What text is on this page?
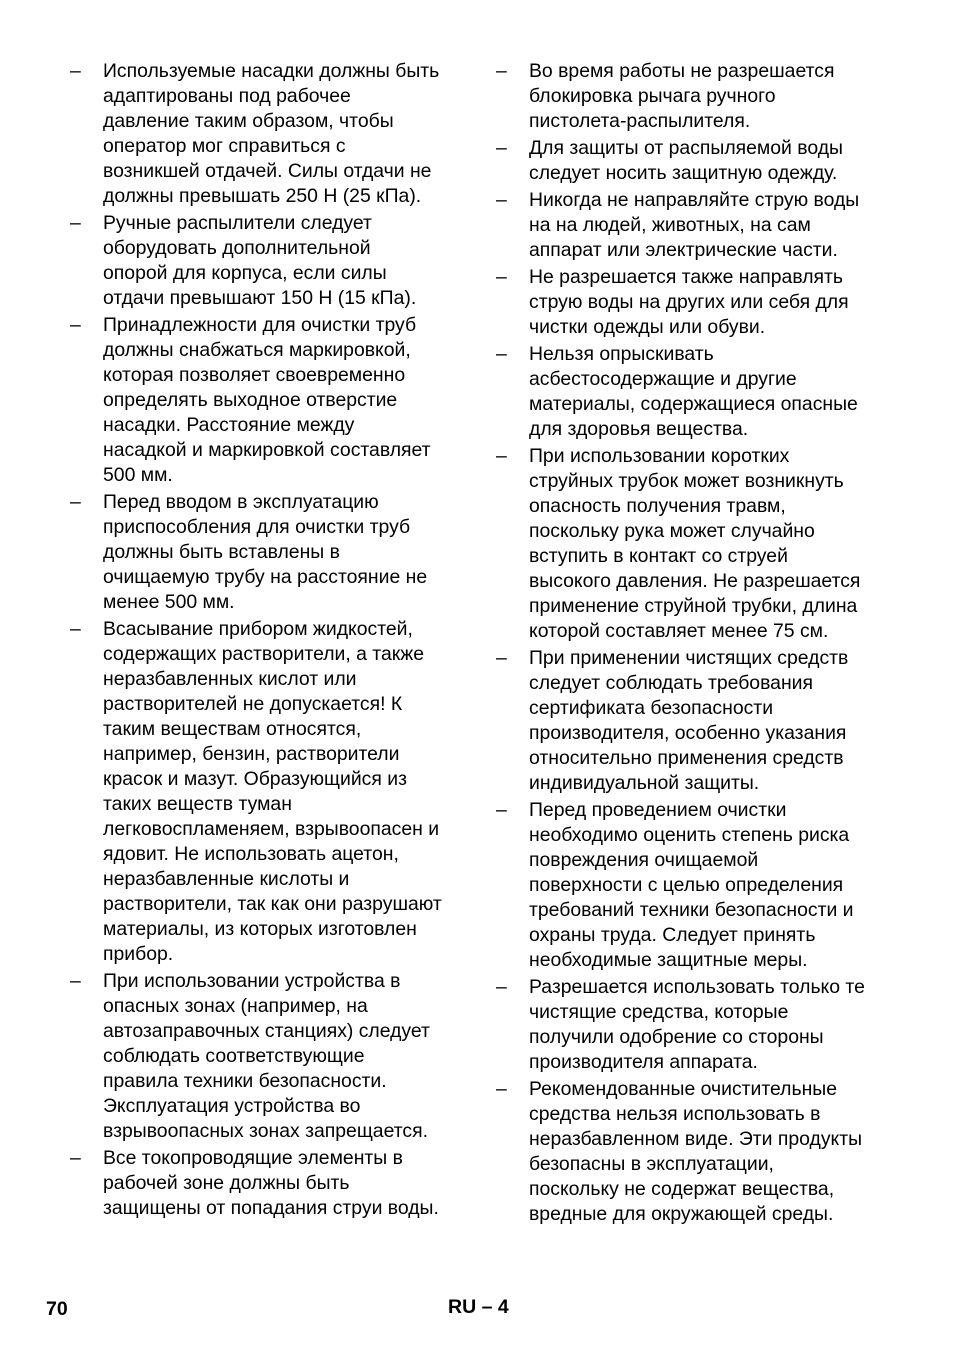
–	Используемые насадки должны быть
адаптированы под рабочее
давление таким образом, чтобы
оператор мог справиться с
возникшей отдачей. Силы отдачи не
должны превышать 250 Н (25 кПа).
–	Ручные распылители следует
оборудовать дополнительной
опорой для корпуса, если силы
отдачи превышают 150 Н (15 кПа).
–	Принадлежности для очистки труб
должны снабжаться маркировкой,
которая позволяет своевременно
определять выходное отверстие
насадки. Расстояние между
насадкой и маркировкой составляет
500 мм.
–	Перед вводом в эксплуатацию
приспособления для очистки труб
должны быть вставлены в
очищаемую трубу на расстояние не
менее 500 мм.
–	Всасывание прибором жидкостей,
содержащих растворители, а также
неразбавленных кислот или
растворителей не допускается! К
таким веществам относятся,
например, бензин, растворители
красок и мазут. Образующийся из
таких веществ туман
легковоспламеняем, взрывоопасен и
ядовит. Не использовать ацетон,
неразбавленные кислоты и
растворители, так как они разрушают
материалы, из которых изготовлен
прибор.
–	При использовании устройства в
опасных зонах (например, на
автозаправочных станциях) следует
соблюдать соответствующие
правила техники безопасности.
Эксплуатация устройства во
взрывоопасных зонах запрещается.
–	Все токопроводящие элементы в
рабочей зоне должны быть
защищены от попадания струи воды.
–	Во время работы не разрешается
блокировка рычага ручного
пистолета-распылителя.
–	Для защиты от распыляемой воды
следует носить защитную одежду.
–	Никогда не направляйте струю воды
на на людей, животных, на сам
аппарат или электрические части.
–	Не разрешается также направлять
струю воды на других или себя для
чистки одежды или обуви.
–	Нельзя опрыскивать
асбестосодержащие и другие
материалы, содержащиеся опасные
для здоровья вещества.
–	При использовании коротких
струйных трубок может возникнуть
опасность получения травм,
поскольку рука может случайно
вступить в контакт со струей
высокого давления. Не разрешается
применение струйной трубки, длина
которой составляет менее 75 см.
–	При применении чистящих средств
следует соблюдать требования
сертификата безопасности
производителя, особенно указания
относительно применения средств
индивидуальной защиты.
–	Перед проведением очистки
необходимо оценить степень риска
повреждения очищаемой
поверхности с целью определения
требований техники безопасности и
охраны труда. Следует принять
необходимые защитные меры.
–	Разрешается использовать только те
чистящие средства, которые
получили одобрение со стороны
производителя аппарата.
–	Рекомендованные очистительные
средства нельзя использовать в
неразбавленном виде. Эти продукты
безопасны в эксплуатации,
поскольку не содержат вещества,
вредные для окружающей среды.
70	RU – 4
